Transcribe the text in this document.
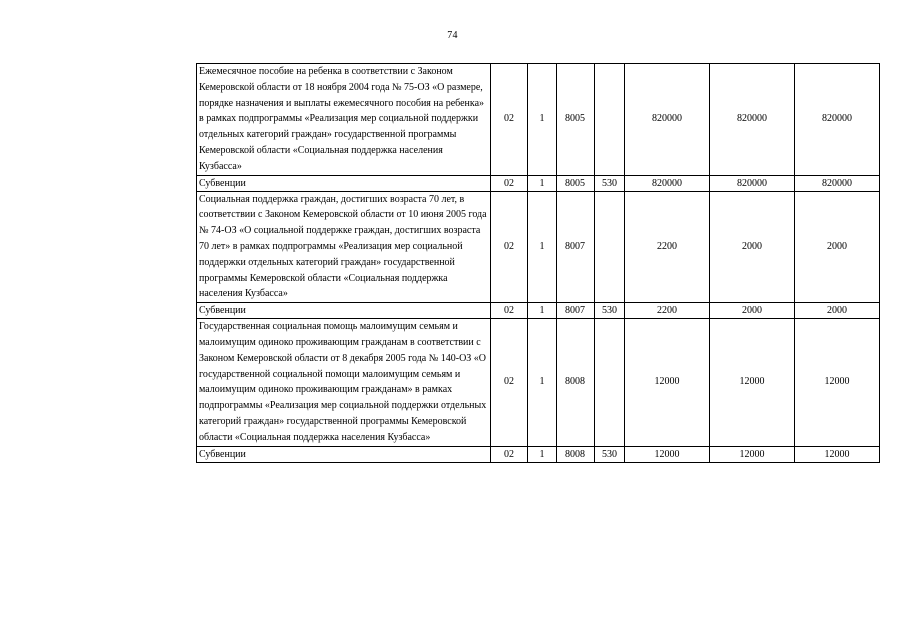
74
Ежемесячное пособие на ребенка в соответствии с Законом Кемеровской области от 18 ноября 2004 года № 75-ОЗ «О размере, порядке назначения и выплаты ежемесячного пособия на ребенка» в рамках подпрограммы «Реализация мер социальной поддержки отдельных категорий граждан» государственной программы Кемеровской области «Социальная поддержка населения Кузбасса»	02	1	8005		820000	820000	820000
Субвенции	02	1	8005	530	820000	820000	820000
Социальная поддержка граждан, достигших возраста 70 лет, в соответствии с Законом Кемеровской области от 10 июня 2005 года № 74-ОЗ «О социальной поддержке граждан, достигших возраста 70 лет» в рамках подпрограммы «Реализация мер социальной поддержки отдельных категорий граждан» государственной программы Кемеровской области «Социальная поддержка населения Кузбасса»	02	1	8007		2200	2000	2000
Субвенции	02	1	8007	530	2200	2000	2000
Государственная социальная помощь малоимущим семьям и малоимущим одиноко проживающим гражданам в соответствии с Законом Кемеровской области от 8 декабря 2005 года № 140-ОЗ «О государственной социальной помощи малоимущим семьям и малоимущим одиноко проживающим гражданам» в рамках подпрограммы «Реализация мер социальной поддержки отдельных категорий граждан» государственной программы Кемеровской области «Социальная поддержка населения Кузбасса»	02	1	8008		12000	12000	12000
Субвенции	02	1	8008	530	12000	12000	12000
